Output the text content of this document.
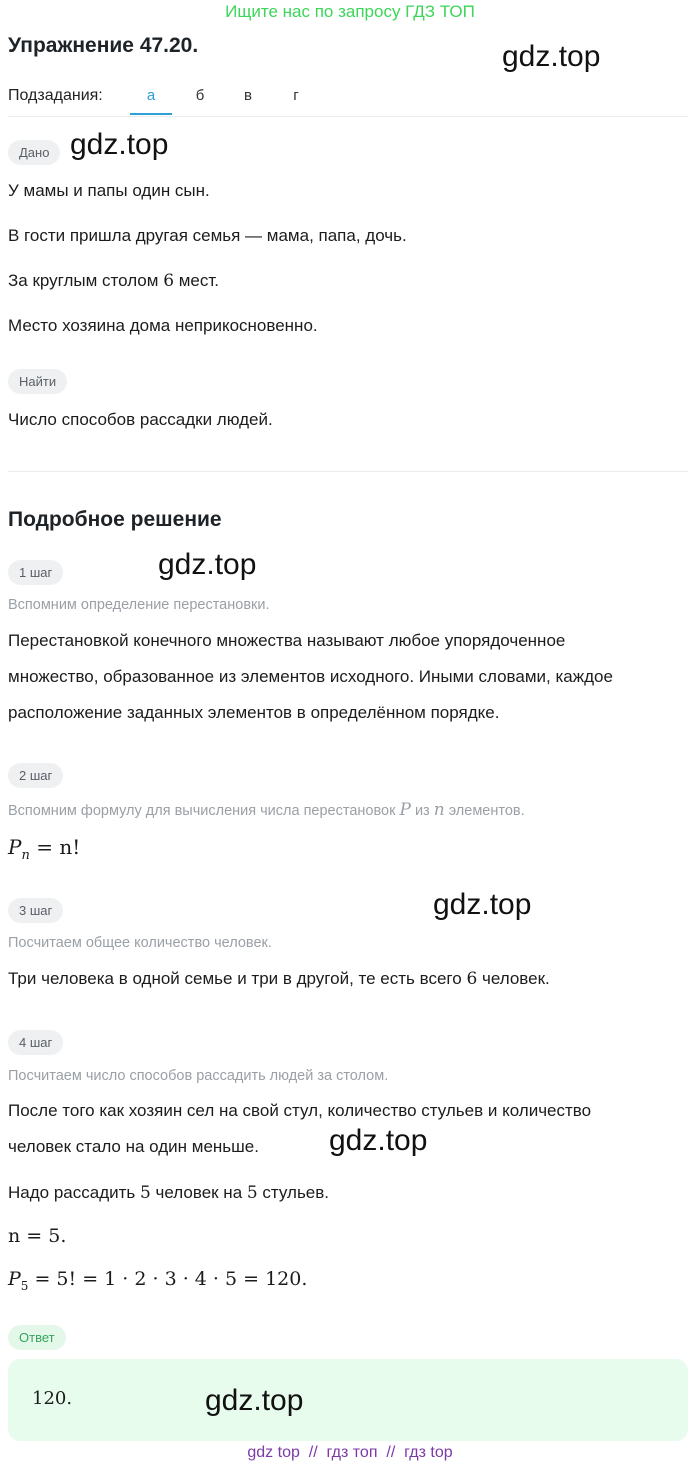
Ищите нас по запросу ГДЗ ТОП
Упражнение 47.20.	gdz.top
Подзадания:	а	б	в	г
Дано gdz.top
У мамы и папы один сын.
В гости пришла другая семья — мама, папа, дочь.
За круглым столом 6 мест.
Место хозяина дома неприкосновенно.
Найти
Число способов рассадки людей.
Подробное решение
1 шаг	gdz.top
Вспомним определение перестановки.
Перестановкой конечного множества называют любое упорядоченное
множество, образованное из элементов исходного. Иными словами, каждое
расположение заданных элементов в определённом порядке.
2 шаг
Вспомним формулу для вычисления числа перестановок P из n элементов.
$P_n = n$!
3 шаг	gdz.top
Посчитаем общее количество человек.
Три человека в одной семье и три в другой, те есть всего 6 человек.
4 шаг
Посчитаем число способов рассадить людей за столом.
После того как хозяин сел на свой стул, количество стульев и количество
человек стало на один меньше.	gdz.top
Надо рассадить 5 человек на 5 стульев.
n = 5.
$P_5 = 5$! = 1 · 2 · 3 · 4 · 5 = 120.
Ответ
120.	gdz.top
gdz top  //  гдз топ  //  гдз top
